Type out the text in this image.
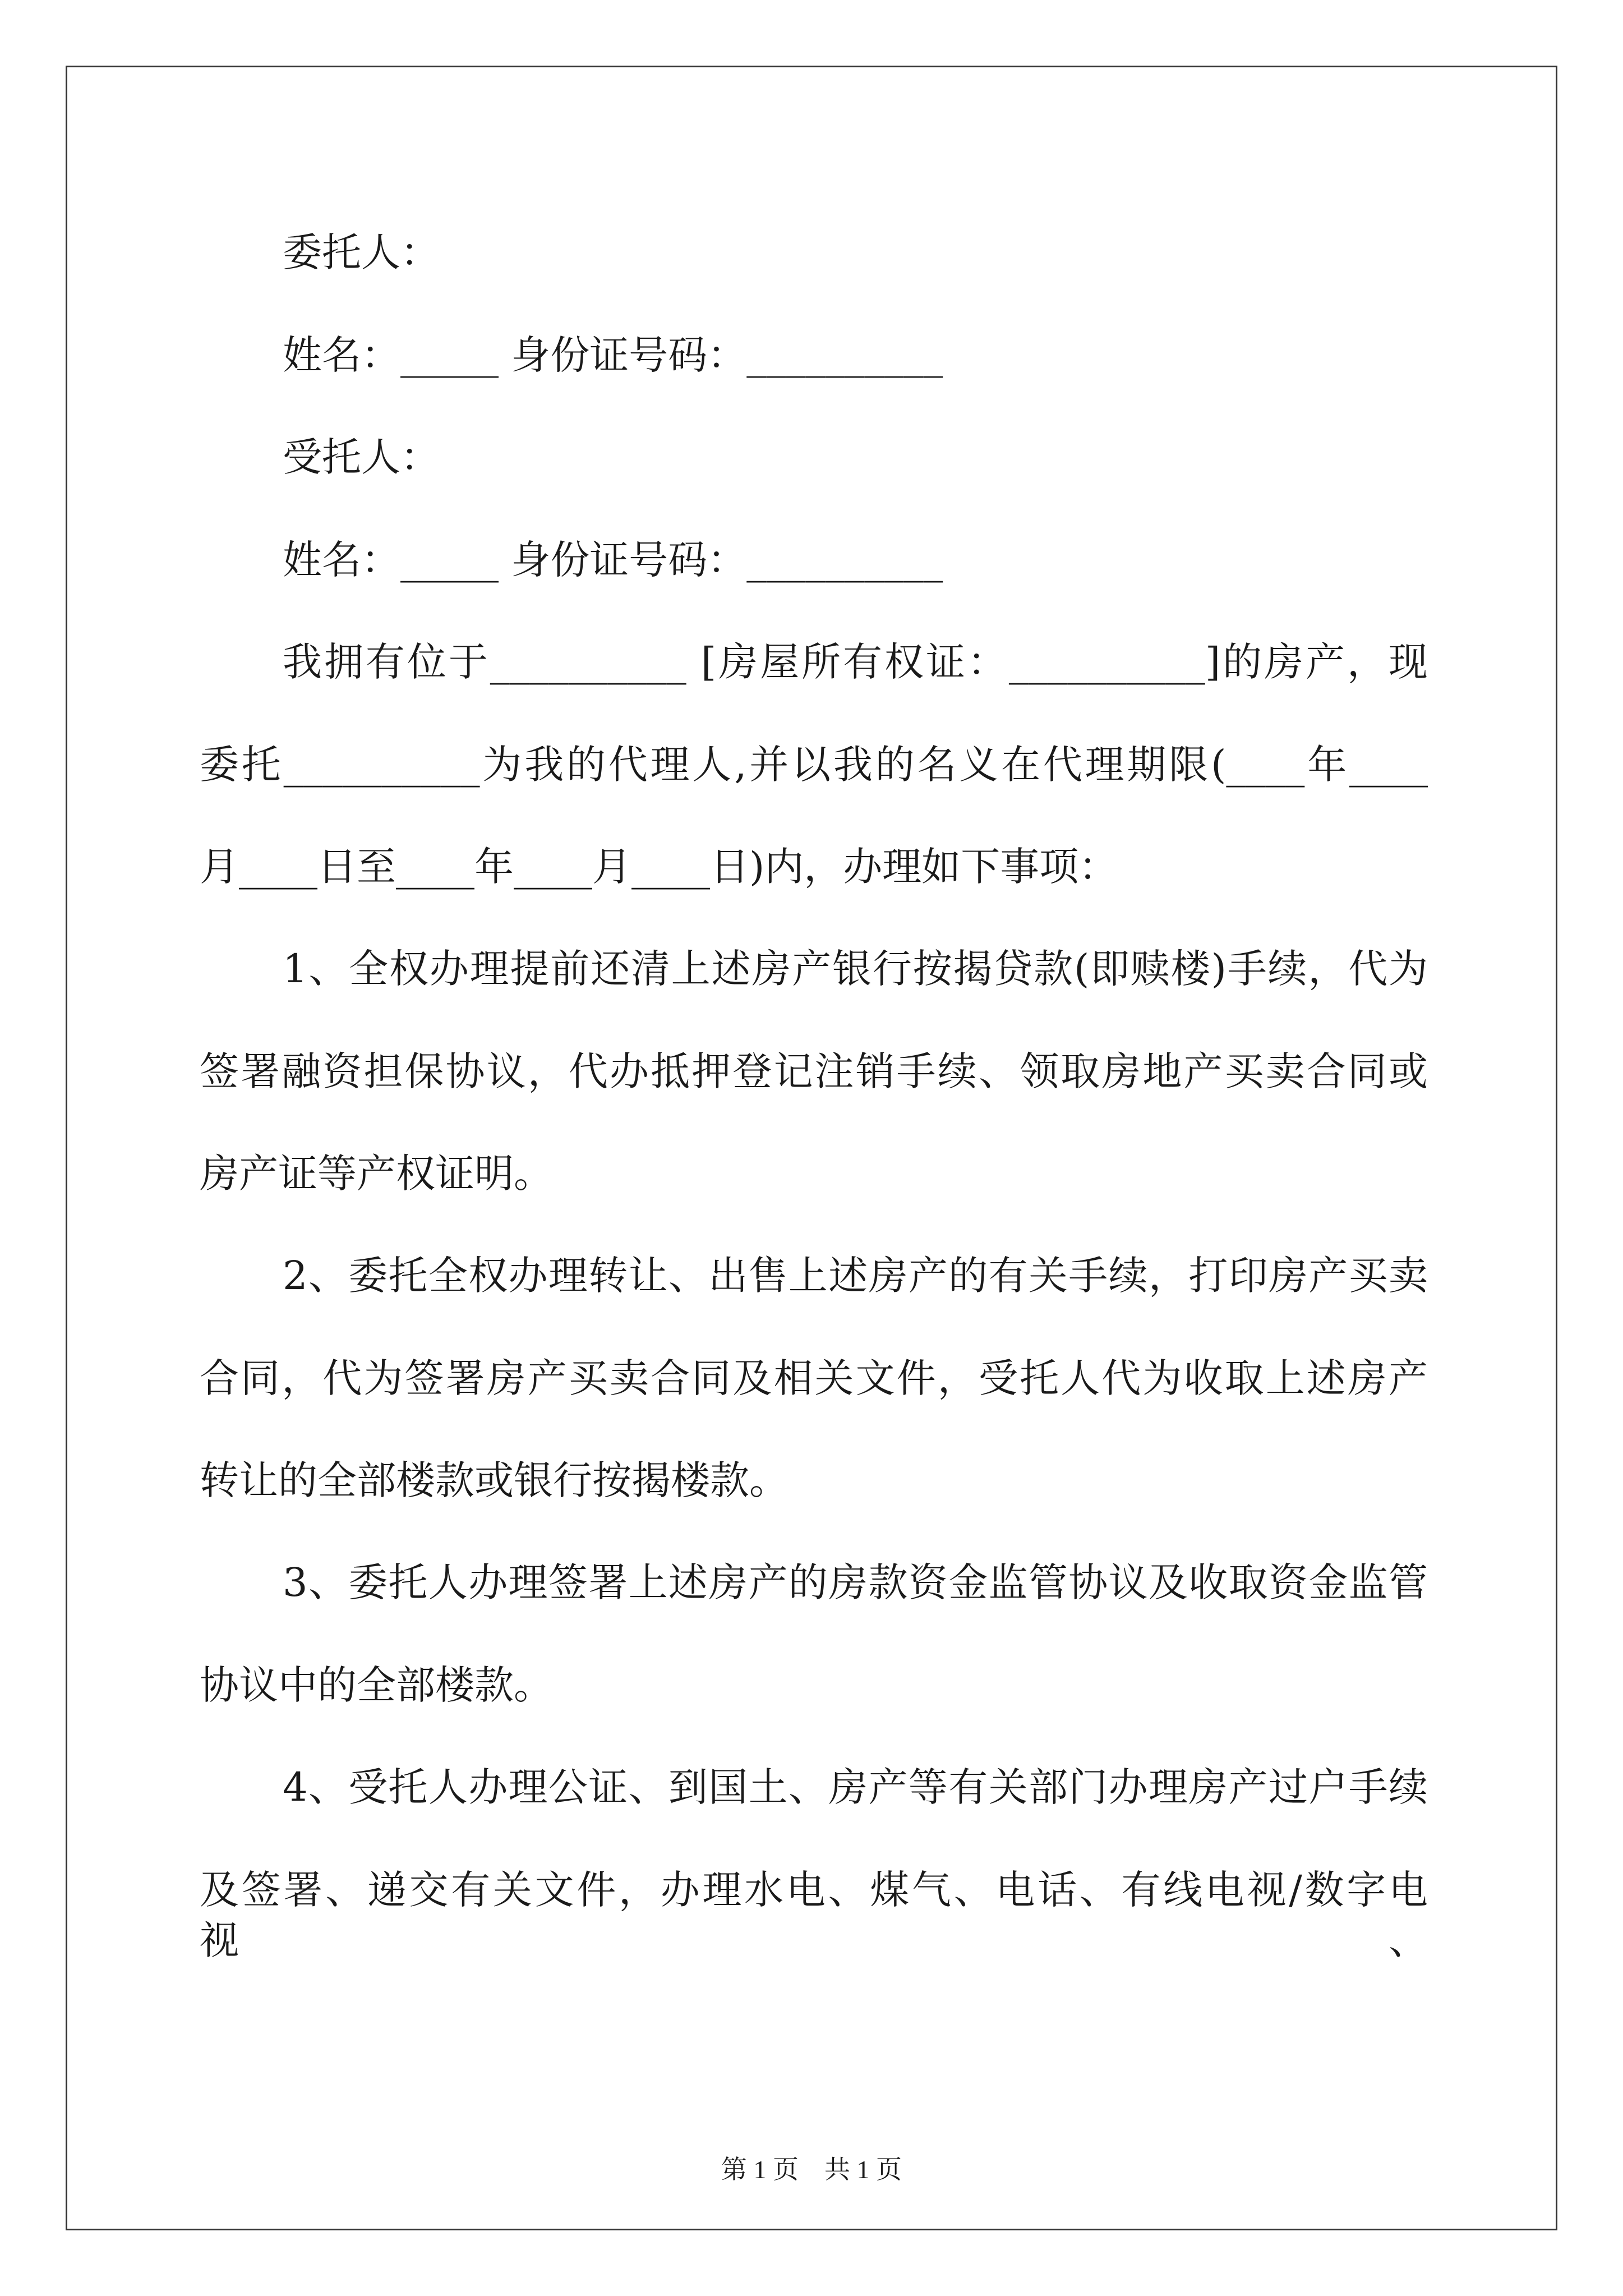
委托人：
姓名：_____ 身份证号码：__________
受托人：
姓名：_____ 身份证号码：__________
我拥有位于__________ [房屋所有权证：__________]的房产，现
委托__________为我的代理人,并以我的名义在代理期限(____年____
月____日至____年____月____日)内，办理如下事项：
1、全权办理提前还清上述房产银行按揭贷款(即赎楼)手续，代为
签署融资担保协议，代办抵押登记注销手续、领取房地产买卖合同或
房产证等产权证明。
2、委托全权办理转让、出售上述房产的有关手续，打印房产买卖
合同，代为签署房产买卖合同及相关文件，受托人代为收取上述房产
转让的全部楼款或银行按揭楼款。
3、委托人办理签署上述房产的房款资金监管协议及收取资金监管
协议中的全部楼款。
4、受托人办理公证、到国土、房产等有关部门办理房产过户手续
及签署、递交有关文件，办理水电、煤气、电话、有线电视/数字电视、
第 1 页　共 1 页
